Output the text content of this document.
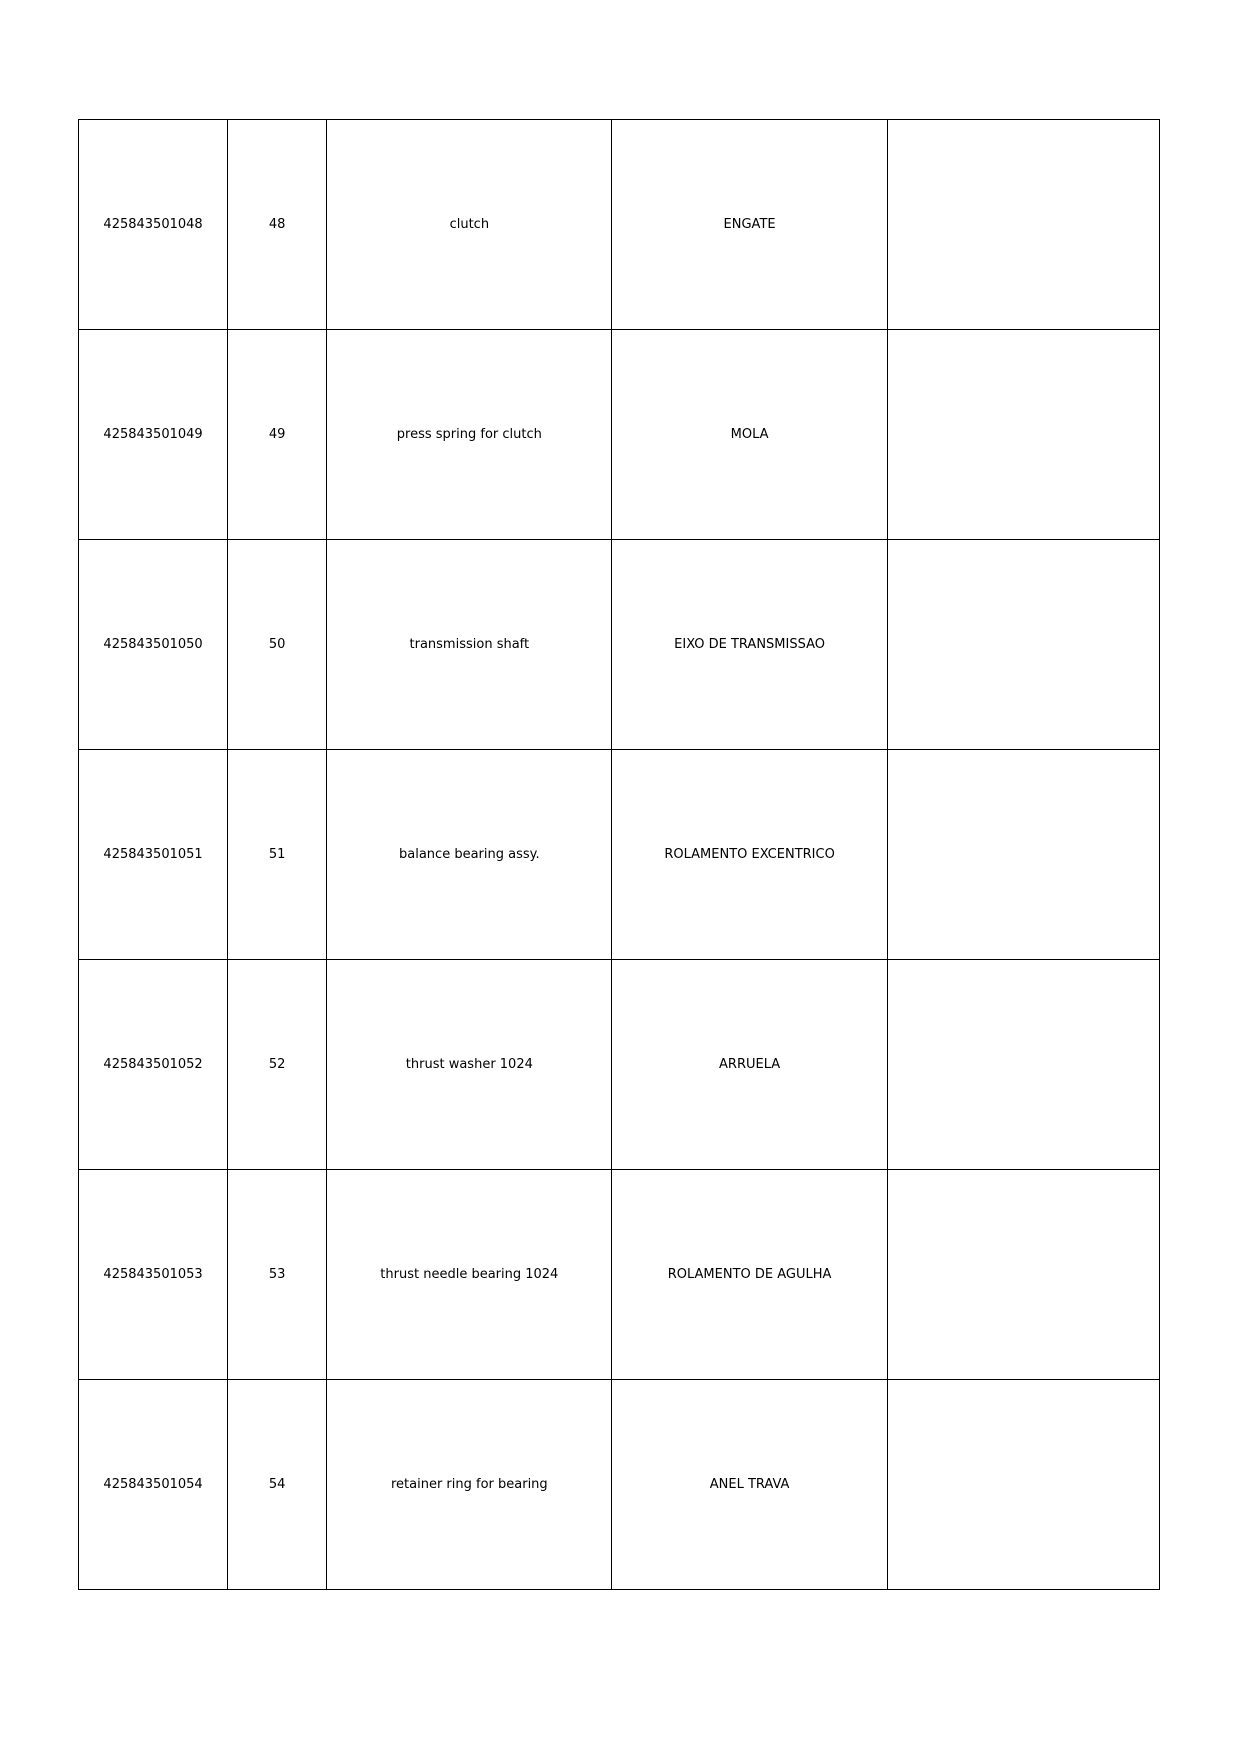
425843501048	48	clutch	ENGATE	
425843501049	49	press spring for clutch	MOLA	
425843501050	50	transmission shaft	EIXO DE TRANSMISSAO	
425843501051	51	balance bearing assy.	ROLAMENTO EXCENTRICO	
425843501052	52	thrust washer 1024	ARRUELA	
425843501053	53	thrust needle bearing 1024	ROLAMENTO DE AGULHA	
425843501054	54	retainer ring for bearing	ANEL TRAVA	
